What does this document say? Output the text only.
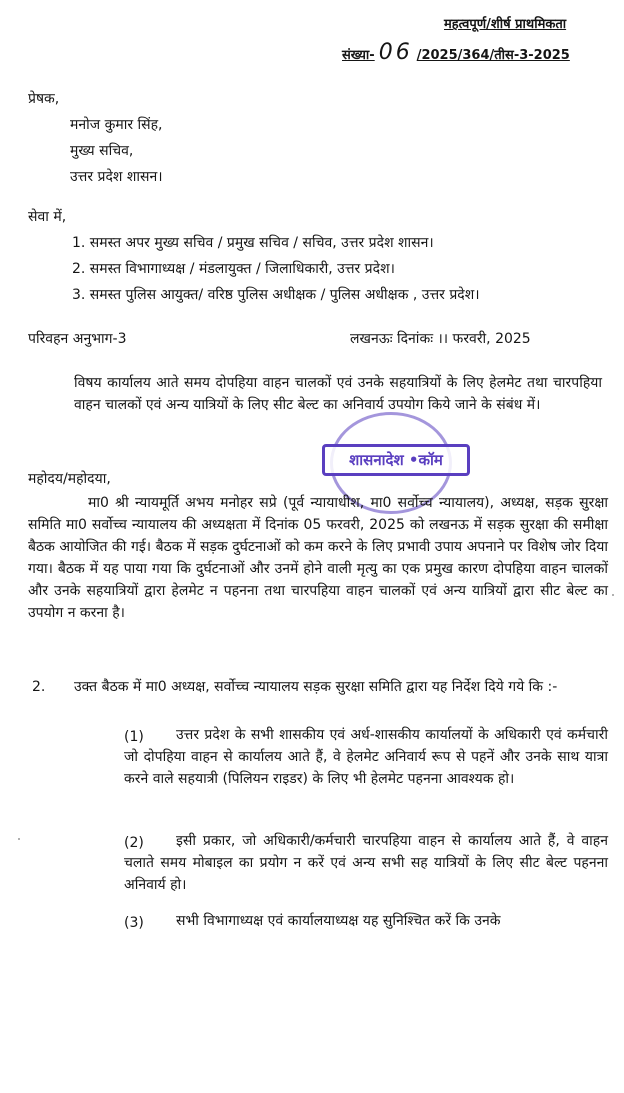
महत्वपूर्ण/शीर्ष प्राथमिकता
संख्या- 06 /2025/364/तीस-3-2025
प्रेषक,
मनोज कुमार सिंह,
मुख्य सचिव,
उत्तर प्रदेश शासन।
सेवा में,
1. समस्त अपर मुख्य सचिव / प्रमुख सचिव / सचिव, उत्तर प्रदेश शासन।
2. समस्त विभागाध्यक्ष / मंडलायुक्त / जिलाधिकारी, उत्तर प्रदेश।
3. समस्त पुलिस आयुक्त/ वरिष्ठ पुलिस अधीक्षक / पुलिस अधीक्षक , उत्तर प्रदेश।
परिवहन अनुभाग-3	लखनऊः दिनांकः ।। फरवरी, 2025
विषय कार्यालय आते समय दोपहिया वाहन चालकों एवं उनके सहयात्रियों के लिए हेलमेट तथा चारपहिया वाहन चालकों एवं अन्य यात्रियों के लिए सीट बेल्ट का अनिवार्य उपयोग किये जाने के संबंध में।
शासनादेश •कॉम
महोदय/महोदया,
मा0 श्री न्यायमूर्ति अभय मनोहर सप्रे (पूर्व न्यायाधीश, मा0 सर्वोच्च न्यायालय), अध्यक्ष, सड़क सुरक्षा समिति मा0 सर्वोच्च न्यायालय की अध्यक्षता में दिनांक 05 फरवरी, 2025 को लखनऊ में सड़क सुरक्षा की समीक्षा बैठक आयोजित की गई। बैठक में सड़क दुर्घटनाओं को कम करने के लिए प्रभावी उपाय अपनाने पर विशेष जोर दिया गया। बैठक में यह पाया गया कि दुर्घटनाओं और उनमें होने वाली मृत्यु का एक प्रमुख कारण दोपहिया वाहन चालकों और उनके सहयात्रियों द्वारा हेलमेट न पहनना तथा चारपहिया वाहन चालकों एवं अन्य यात्रियों द्वारा सीट बेल्ट का उपयोग न करना है।
2.	उक्त बैठक में मा0 अध्यक्ष, सर्वोच्च न्यायालय सड़क सुरक्षा समिति द्वारा यह निर्देश दिये गये कि :-
(1)	उत्तर प्रदेश के सभी शासकीय एवं अर्ध-शासकीय कार्यालयों के अधिकारी एवं कर्मचारी जो दोपहिया वाहन से कार्यालय आते हैं, वे हेलमेट अनिवार्य रूप से पहनें और उनके साथ यात्रा करने वाले सहयात्री (पिलियन राइडर) के लिए भी हेलमेट पहनना आवश्यक हो।
(2)	इसी प्रकार, जो अधिकारी/कर्मचारी चारपहिया वाहन से कार्यालय आते हैं, वे वाहन चलाते समय मोबाइल का प्रयोग न करें एवं अन्य सभी सह यात्रियों के लिए सीट बेल्ट पहनना अनिवार्य हो।
(3)	सभी विभागाध्यक्ष एवं कार्यालयाध्यक्ष यह सुनिश्चित करें कि उनके
